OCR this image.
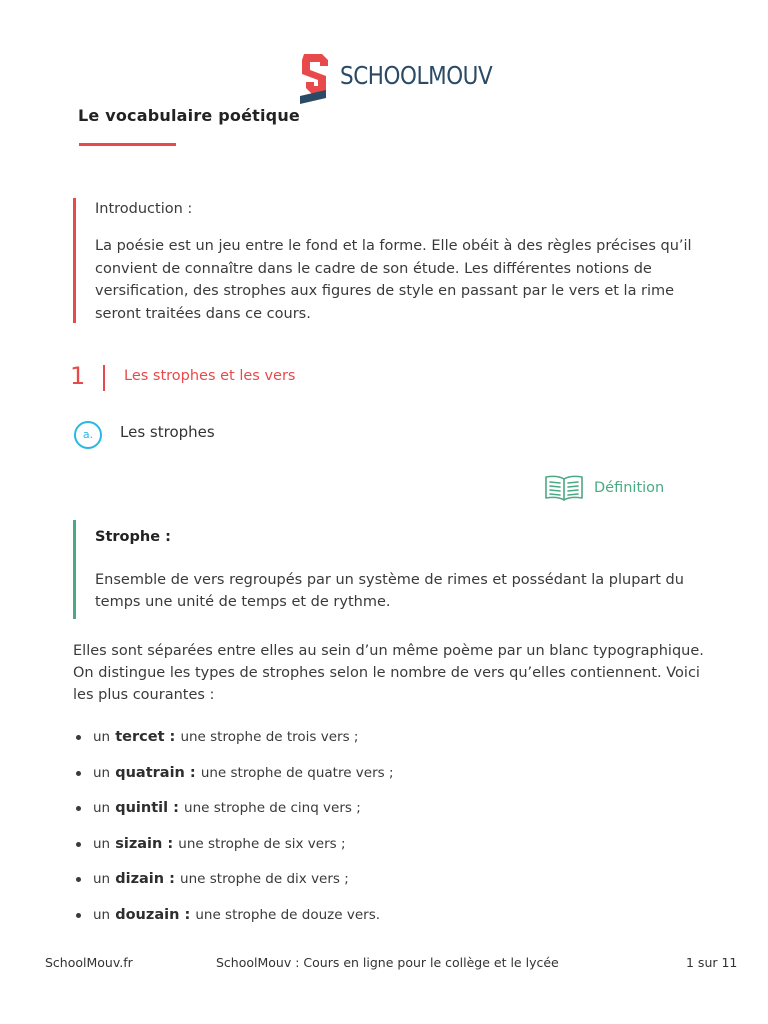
SCHOOLMOUV
Le vocabulaire poétique
Introduction :
La poésie est un jeu entre le fond et la forme. Elle obéit à des règles précises qu’il convient de connaître dans le cadre de son étude. Les différentes notions de versification, des strophes aux figures de style en passant par le vers et la rime seront traitées dans ce cours.
1	Les strophes et les vers
a.	Les strophes
Définition
Strophe :
Ensemble de vers regroupés par un système de rimes et possédant la plupart du temps une unité de temps et de rythme.
Elles sont séparées entre elles au sein d’un même poème par un blanc typographique. On distingue les types de strophes selon le nombre de vers qu’elles contiennent. Voici les plus courantes :
un tercet : une strophe de trois vers ;
un quatrain : une strophe de quatre vers ;
un quintil : une strophe de cinq vers ;
un sizain : une strophe de six vers ;
un dizain : une strophe de dix vers ;
un douzain : une strophe de douze vers.
SchoolMouv.fr	SchoolMouv : Cours en ligne pour le collège et le lycée	1 sur 11
